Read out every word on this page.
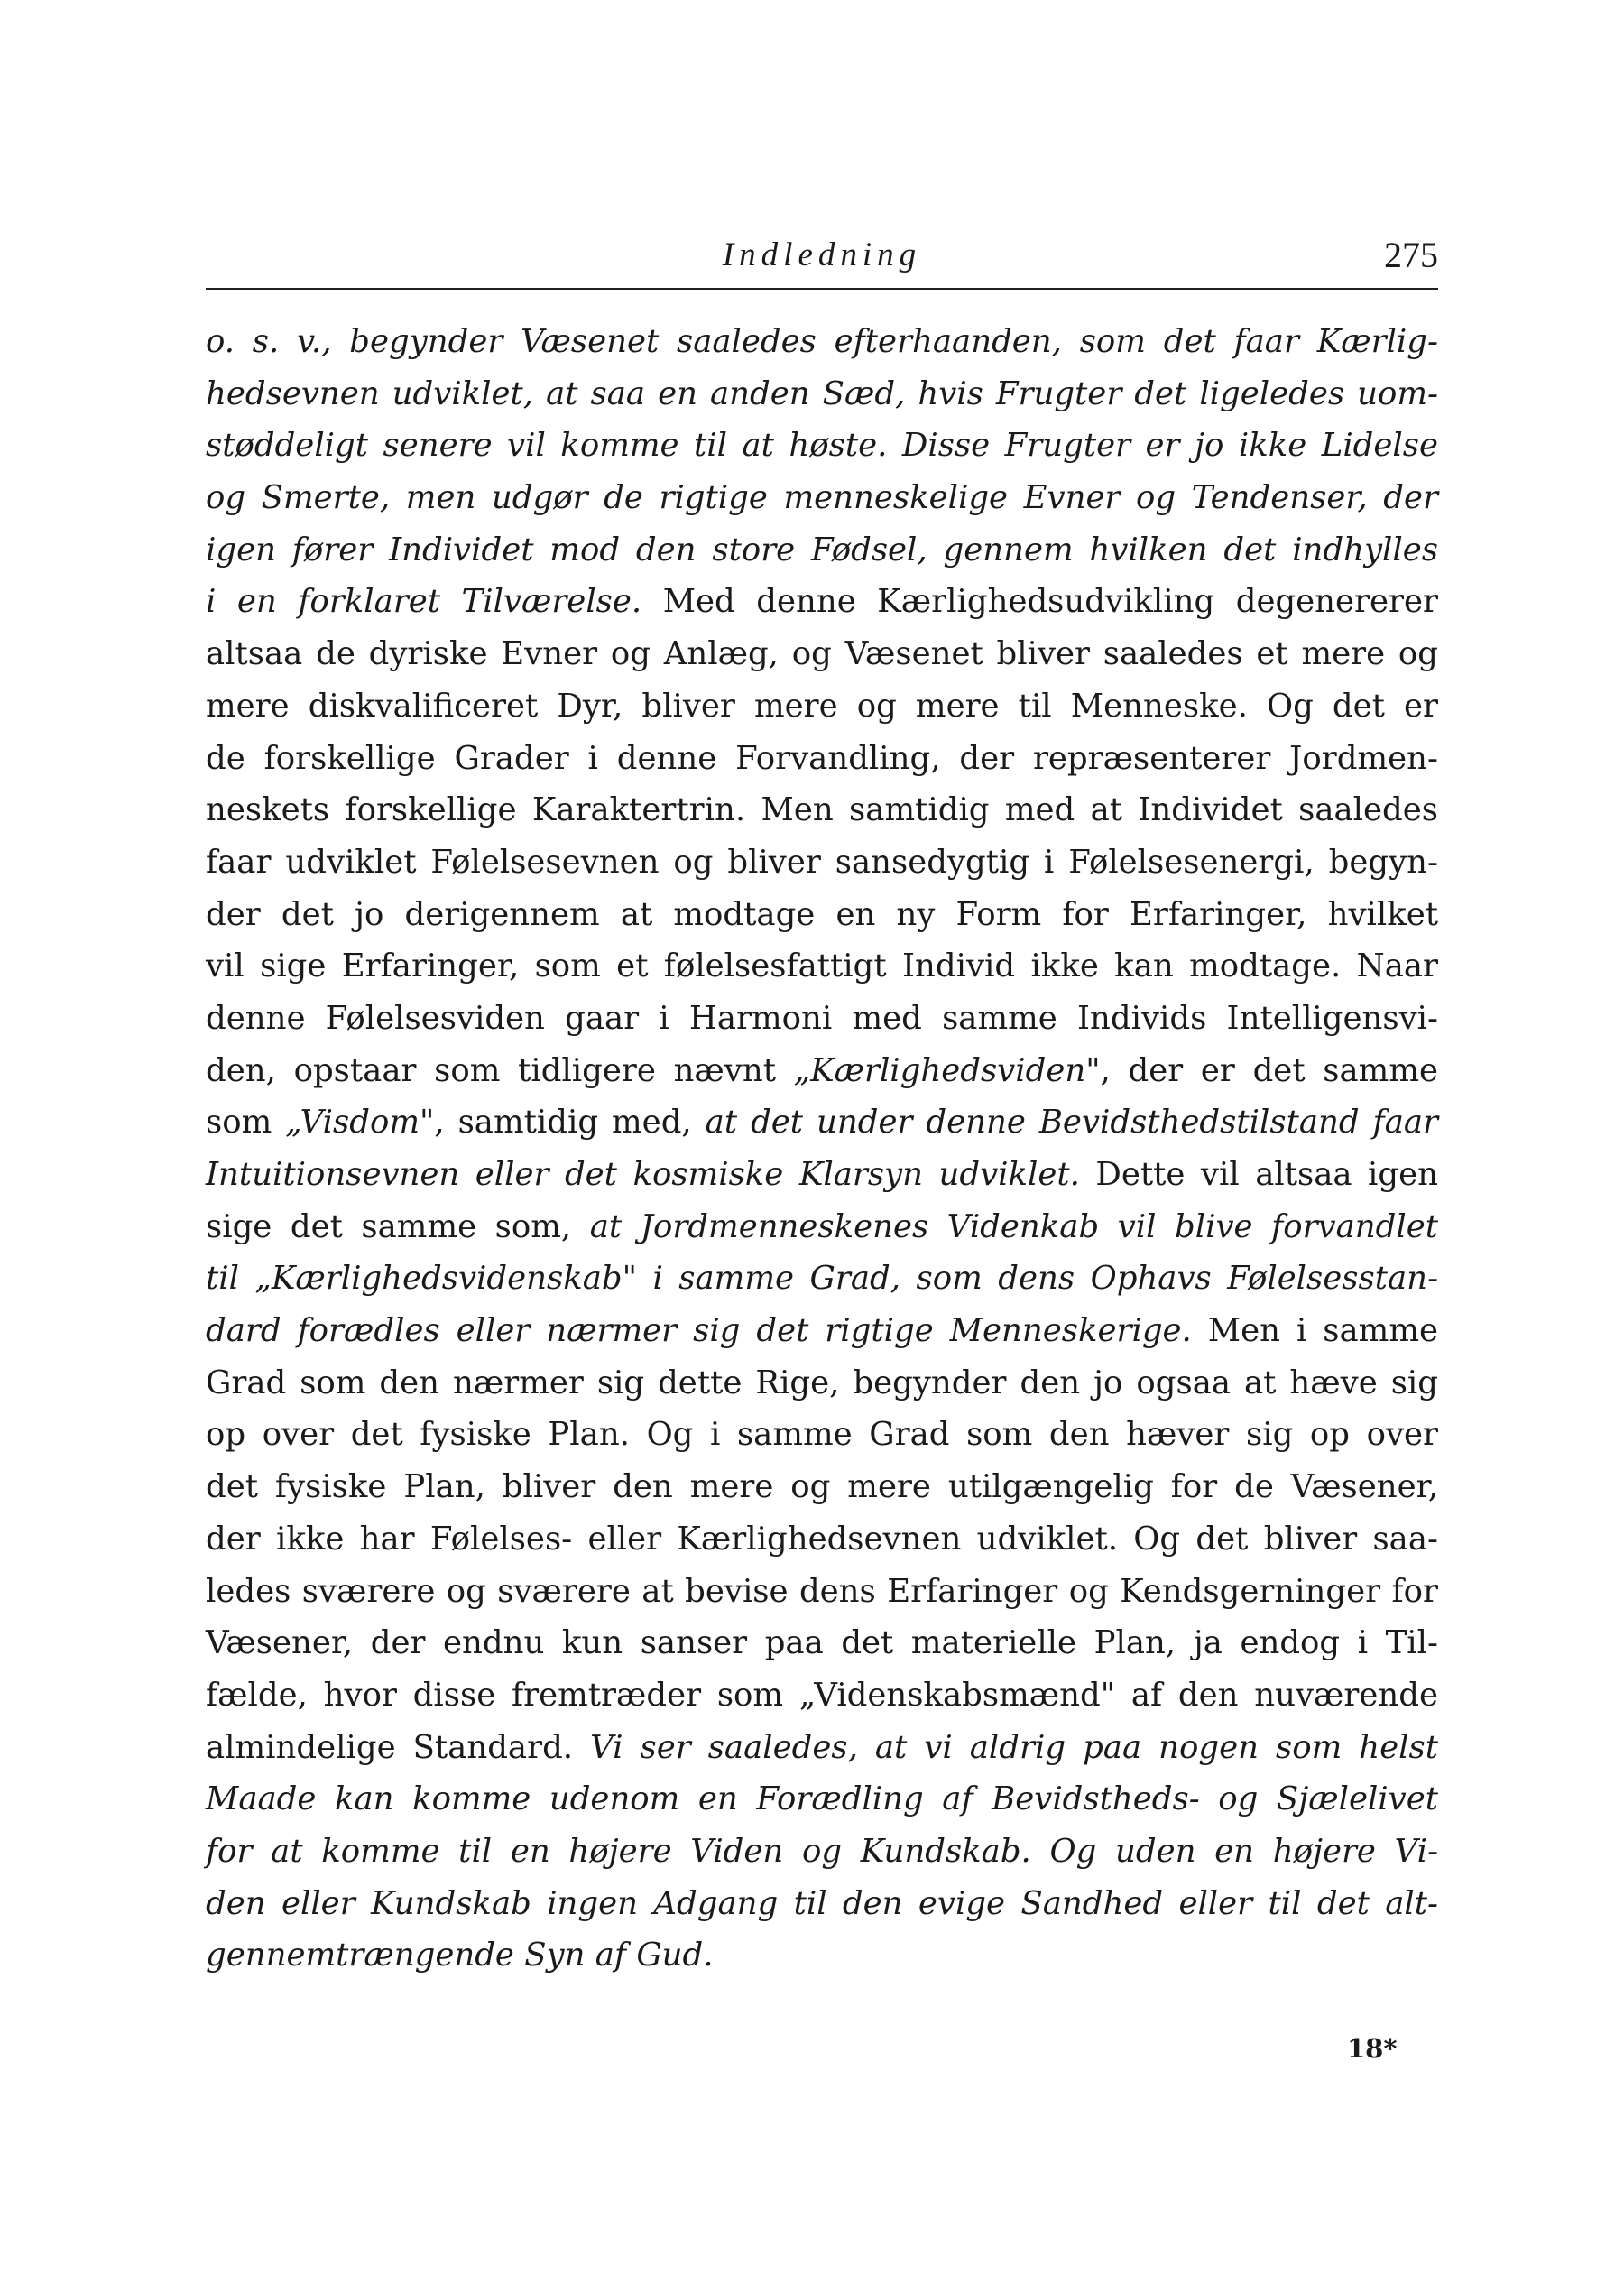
Indledning	275
o. s. v., begynder Væsenet saaledes efterhaanden, som det faar Kærlig-
hedsevnen udviklet, at saa en anden Sæd, hvis Frugter det ligeledes uom-
støddeligt senere vil komme til at høste. Disse Frugter er jo ikke Lidelse
og Smerte, men udgør de rigtige menneskelige Evner og Tendenser, der
igen fører Individet mod den store Fødsel, gennem hvilken det indhylles
i en forklaret Tilværelse. Med denne Kærlighedsudvikling degenererer
altsaa de dyriske Evner og Anlæg, og Væsenet bliver saaledes et mere og
mere diskvalificeret Dyr, bliver mere og mere til Menneske. Og det er
de forskellige Grader i denne Forvandling, der repræsenterer Jordmen-
neskets forskellige Karaktertrin. Men samtidig med at Individet saaledes
faar udviklet Følelsesevnen og bliver sansedygtig i Følelsesenergi, begyn-
der det jo derigennem at modtage en ny Form for Erfaringer, hvilket
vil sige Erfaringer, som et følelsesfattigt Individ ikke kan modtage. Naar
denne Følelsesviden gaar i Harmoni med samme Individs Intelligensvi-
den, opstaar som tidligere nævnt „Kærlighedsviden", der er det samme
som „Visdom", samtidig med, at det under denne Bevidsthedstilstand faar
Intuitionsevnen eller det kosmiske Klarsyn udviklet. Dette vil altsaa igen
sige det samme som, at Jordmenneskenes Videnkab vil blive forvandlet
til „Kærlighedsvidenskab" i samme Grad, som dens Ophavs Følelsesstan-
dard forædles eller nærmer sig det rigtige Menneskerige. Men i samme
Grad som den nærmer sig dette Rige, begynder den jo ogsaa at hæve sig
op over det fysiske Plan. Og i samme Grad som den hæver sig op over
det fysiske Plan, bliver den mere og mere utilgængelig for de Væsener,
der ikke har Følelses- eller Kærlighedsevnen udviklet. Og det bliver saa-
ledes sværere og sværere at bevise dens Erfaringer og Kendsgerninger for
Væsener, der endnu kun sanser paa det materielle Plan, ja endog i Til-
fælde, hvor disse fremtræder som „Videnskabsmænd" af den nuværende
almindelige Standard. Vi ser saaledes, at vi aldrig paa nogen som helst
Maade kan komme udenom en Forædling af Bevidstheds- og Sjælelivet
for at komme til en højere Viden og Kundskab. Og uden en højere Vi-
den eller Kundskab ingen Adgang til den evige Sandhed eller til det alt-
gennemtrængende Syn af Gud.
18*
